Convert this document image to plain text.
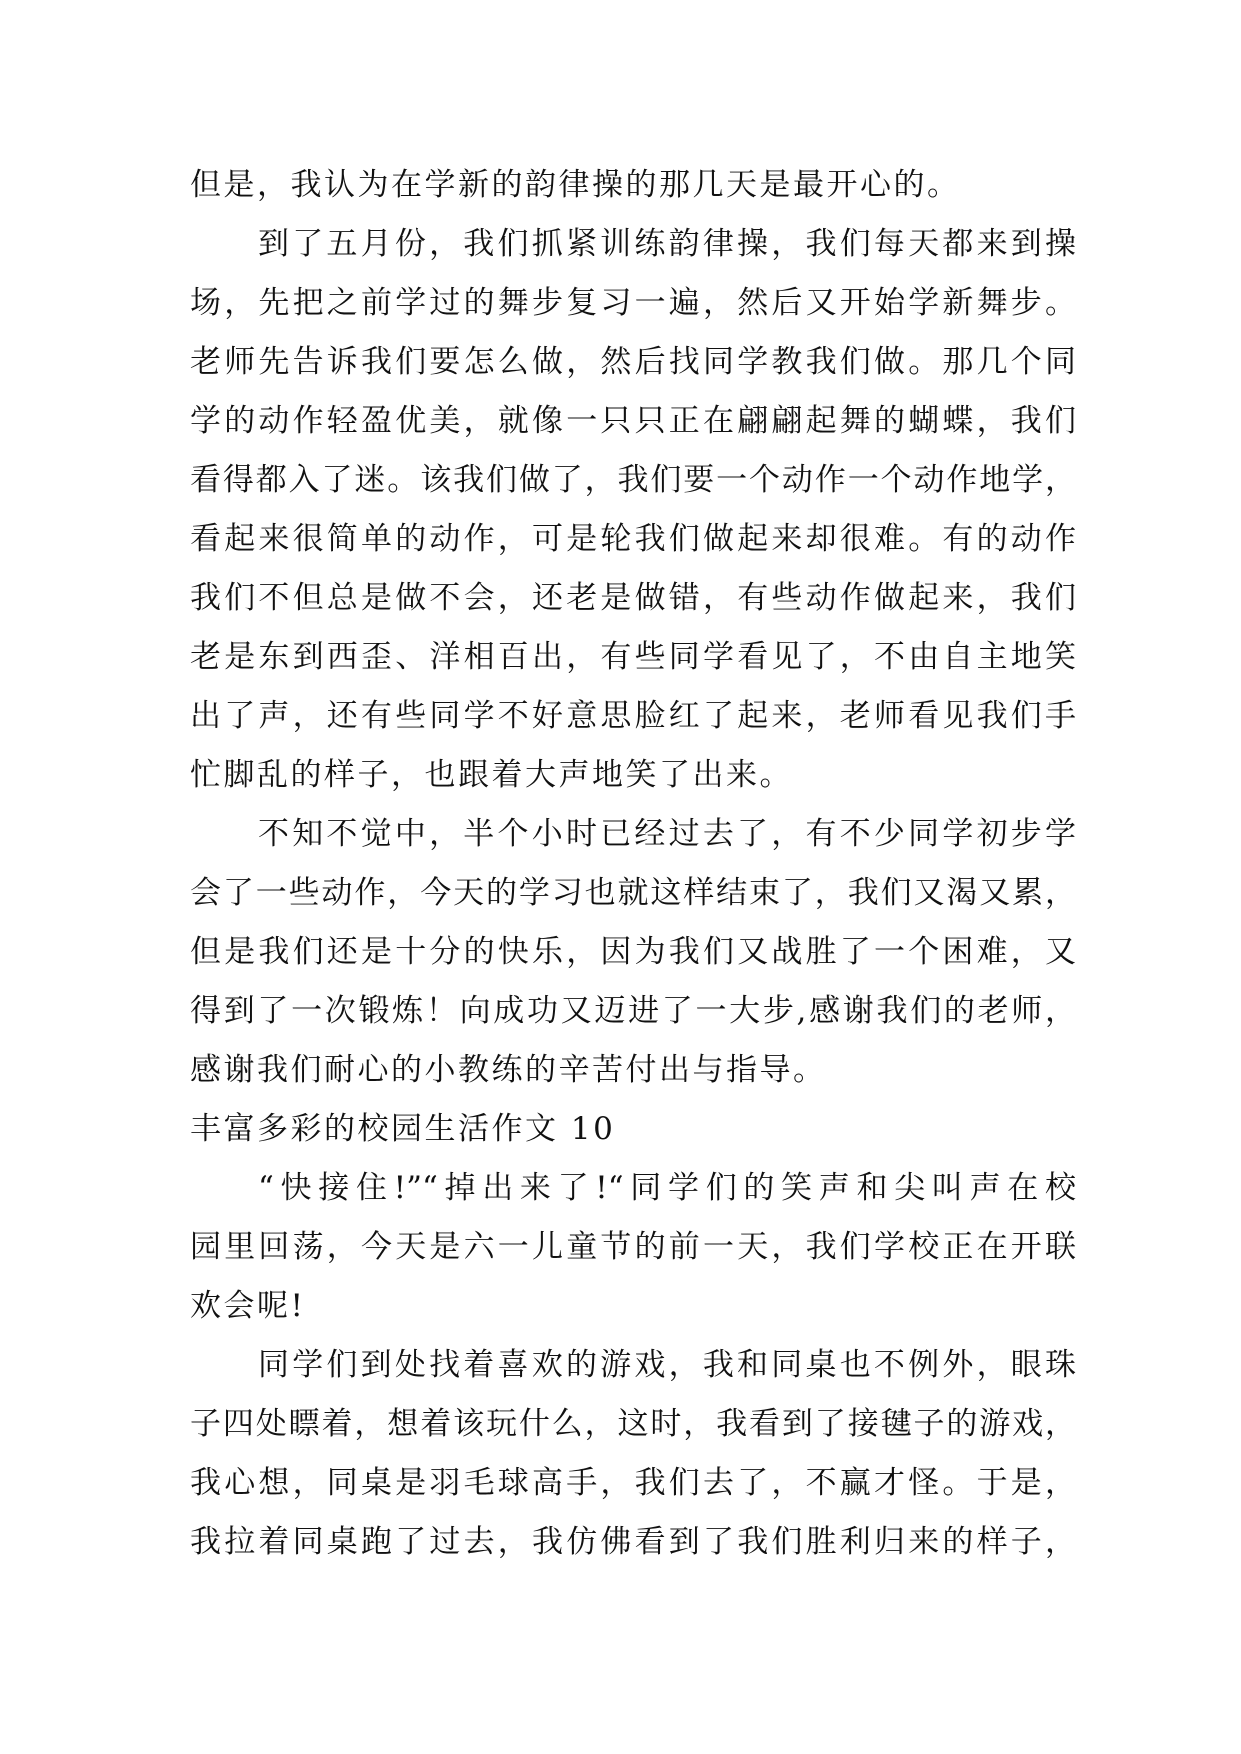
但是，我认为在学新的韵律操的那几天是最开心的。
到了五月份，我们抓紧训练韵律操，我们每天都来到操
场，先把之前学过的舞步复习一遍，然后又开始学新舞步。
老师先告诉我们要怎么做，然后找同学教我们做。那几个同
学的动作轻盈优美，就像一只只正在翩翩起舞的蝴蝶，我们
看得都入了迷。该我们做了，我们要一个动作一个动作地学，
看起来很简单的动作，可是轮我们做起来却很难。有的动作
我们不但总是做不会，还老是做错，有些动作做起来，我们
老是东到西歪、洋相百出，有些同学看见了，不由自主地笑
出了声，还有些同学不好意思脸红了起来，老师看见我们手
忙脚乱的样子，也跟着大声地笑了出来。
不知不觉中，半个小时已经过去了，有不少同学初步学
会了一些动作，今天的学习也就这样结束了，我们又渴又累，
但是我们还是十分的快乐，因为我们又战胜了一个困难，又
得到了一次锻炼！向成功又迈进了一大步,感谢我们的老师，
感谢我们耐心的小教练的辛苦付出与指导。
丰富多彩的校园生活作文 10
“快接住!”“掉出来了!“同学们的笑声和尖叫声在校
园里回荡，今天是六一儿童节的前一天，我们学校正在开联
欢会呢!
同学们到处找着喜欢的游戏，我和同桌也不例外，眼珠
子四处瞟着，想着该玩什么，这时，我看到了接毽子的游戏，
我心想，同桌是羽毛球高手，我们去了，不赢才怪。于是，
我拉着同桌跑了过去，我仿佛看到了我们胜利归来的样子，
